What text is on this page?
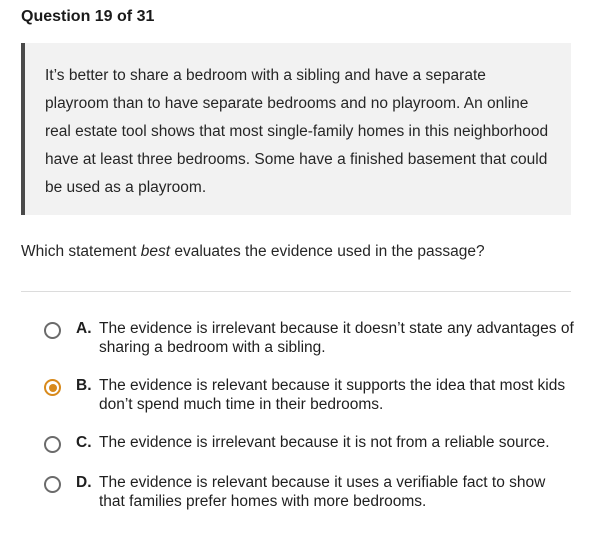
Question 19 of 31

It’s better to share a bedroom with a sibling and have a separate playroom than to have separate bedrooms and no playroom. An online real estate tool shows that most single-family homes in this neighborhood have at least three bedrooms. Some have a finished basement that could be used as a playroom.

Which statement best evaluates the evidence used in the passage?
A. The evidence is irrelevant because it doesn’t state any advantages of sharing a bedroom with a sibling.
B. The evidence is relevant because it supports the idea that most kids don’t spend much time in their bedrooms.
C. The evidence is irrelevant because it is not from a reliable source.
D. The evidence is relevant because it uses a verifiable fact to show that families prefer homes with more bedrooms.
